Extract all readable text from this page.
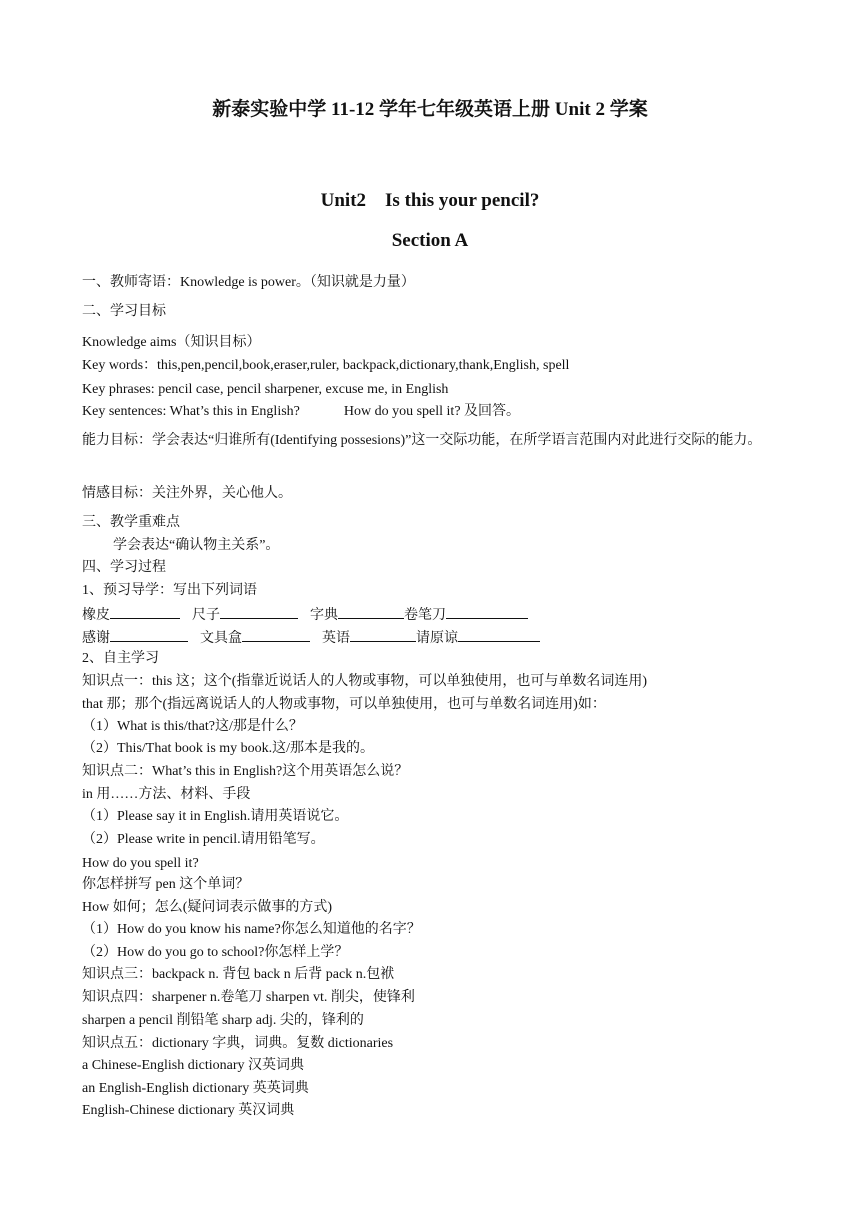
新泰实验中学 11-12 学年七年级英语上册 Unit 2 学案
Unit2　Is this your pencil?
Section A
一、教师寄语：Knowledge is power。（知识就是力量）
二、学习目标
Knowledge aims（知识目标）
Key words：this,pen,pencil,book,eraser,ruler, backpack,dictionary,thank,English, spell
Key phrases: pencil case, pencil sharpener, excuse me, in English
Key sentences: What’s this in English?	How do you spell it? 及回答。
能力目标：学会表达“归谁所有(Identifying possesions)”这一交际功能，在所学语言范围内对此进行交际的能力。
情感目标：关注外界，关心他人。
三、教学重难点
学会表达“确认物主关系”。
四、学习过程
1、预习导学：写出下列词语
橡皮	尺子	字典	卷笔刀
感谢	文具盒	英语	请原谅
2、自主学习
知识点一：this 这；这个(指靠近说话人的人物或事物，可以单独使用，也可与单数名词连用)
that 那；那个(指远离说话人的人物或事物，可以单独使用，也可与单数名词连用)如：
（1）What is this/that?这/那是什么？
（2）This/That book is my book.这/那本是我的。
知识点二：What’s this in English?这个用英语怎么说？
in 用……方法、材料、手段
（1）Please say it in English.请用英语说它。
（2）Please write in pencil.请用铅笔写。
How do you spell it?
你怎样拼写 pen 这个单词？
How 如何；怎么(疑问词表示做事的方式)
（1）How do you know his name?你怎么知道他的名字？
（2）How do you go to school?你怎样上学？
知识点三：backpack n. 背包 back n 后背 pack n.包袱
知识点四：sharpener n.卷笔刀 sharpen vt. 削尖，使锋利
sharpen a pencil 削铅笔 sharp adj. 尖的，锋利的
知识点五：dictionary 字典，词典。复数 dictionaries
a Chinese-English dictionary 汉英词典
an English-English dictionary 英英词典
English-Chinese dictionary 英汉词典
